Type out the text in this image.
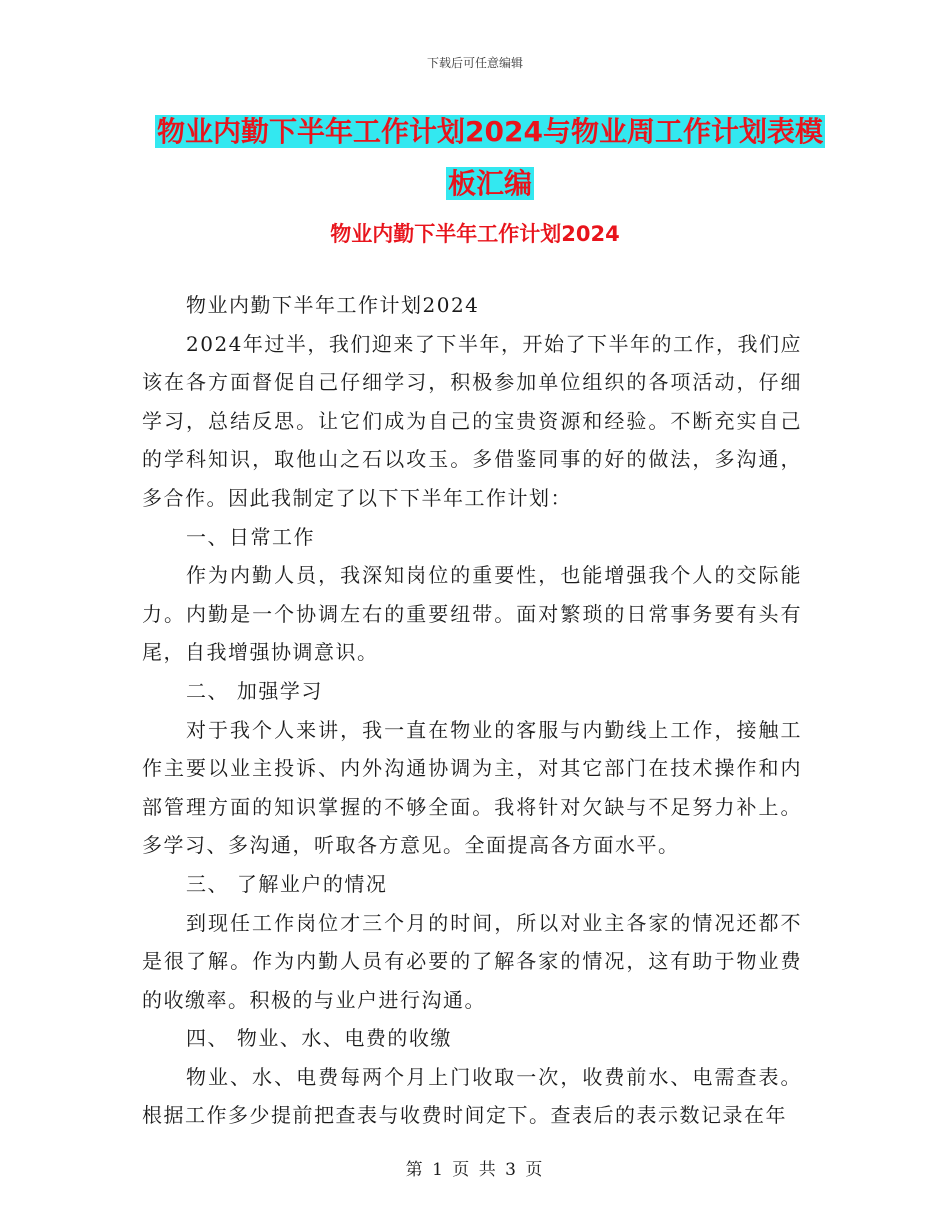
下载后可任意编辑
物业内勤下半年工作计划2024与物业周工作计划表模
板汇编
物业内勤下半年工作计划2024

物业内勤下半年工作计划2024

2024年过半，我们迎来了下半年，开始了下半年的工作，我们应该在各方面督促自己仔细学习，积极参加单位组织的各项活动，仔细学习，总结反思。让它们成为自己的宝贵资源和经验。不断充实自己的学科知识，取他山之石以攻玉。多借鉴同事的好的做法，多沟通，多合作。因此我制定了以下下半年工作计划：

一、日常工作

作为内勤人员，我深知岗位的重要性，也能增强我个人的交际能力。内勤是一个协调左右的重要纽带。面对繁琐的日常事务要有头有尾，自我增强协调意识。

二、 加强学习

对于我个人来讲，我一直在物业的客服与内勤线上工作，接触工作主要以业主投诉、内外沟通协调为主，对其它部门在技术操作和内部管理方面的知识掌握的不够全面。我将针对欠缺与不足努力补上。多学习、多沟通，听取各方意见。全面提高各方面水平。

三、 了解业户的情况

到现任工作岗位才三个月的时间，所以对业主各家的情况还都不是很了解。作为内勤人员有必要的了解各家的情况，这有助于物业费的收缴率。积极的与业户进行沟通。

四、 物业、水、电费的收缴

物业、水、电费每两个月上门收取一次，收费前水、电需查表。根据工作多少提前把查表与收费时间定下。查表后的表示数记录在年

第 1 页 共 3 页
